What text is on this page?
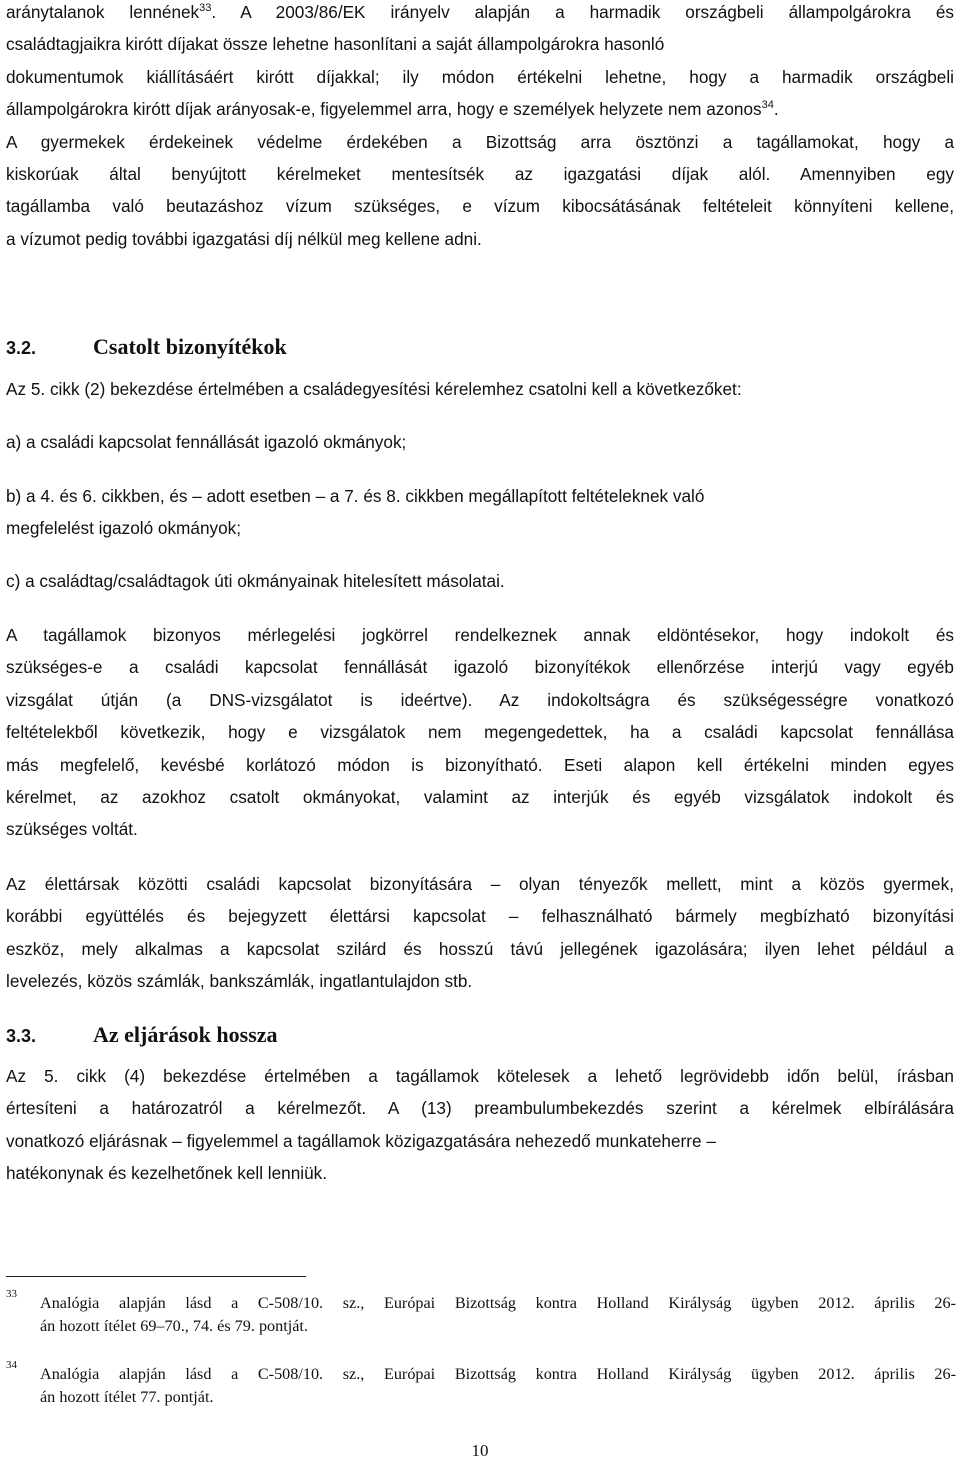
aránytalanok lennének$^{33}$. A 2003/86/EK irányelv alapján a harmadik országbeli állampolgárokra és
családtagjaikra kirótt díjakat össze lehetne hasonlítani a saját állampolgárokra hasonló
dokumentumok kiállításáért kirótt díjakkal; ily módon értékelni lehetne, hogy a harmadik országbeli
állampolgárokra kirótt díjak arányosak-e, figyelemmel arra, hogy e személyek helyzete nem azonos$^{34}$.
A gyermekek érdekeinek védelme érdekében a Bizottság arra ösztönzi a tagállamokat, hogy a
kiskorúak által benyújtott kérelmeket mentesítsék az igazgatási díjak alól. Amennyiben egy
tagállamba való beutazáshoz vízum szükséges, e vízum kibocsátásának feltételeit könnyíteni kellene,
a vízumot pedig további igazgatási díj nélkül meg kellene adni.
3.2.	Csatolt bizonyítékok
Az 5. cikk (2) bekezdése értelmében a családegyesítési kérelemhez csatolni kell a következőket:
a) a családi kapcsolat fennállását igazoló okmányok;
b) a 4. és 6. cikkben, és – adott esetben – a 7. és 8. cikkben megállapított feltételeknek való
megfelelést igazoló okmányok;
c) a családtag/családtagok úti okmányainak hitelesített másolatai.
A tagállamok bizonyos mérlegelési jogkörrel rendelkeznek annak eldöntésekor, hogy indokolt és
szükséges-e a családi kapcsolat fennállását igazoló bizonyítékok ellenőrzése interjú vagy egyéb
vizsgálat útján (a DNS-vizsgálatot is ideértve). Az indokoltságra és szükségességre vonatkozó
feltételekből következik, hogy e vizsgálatok nem megengedettek, ha a családi kapcsolat fennállása
más megfelelő, kevésbé korlátozó módon is bizonyítható. Eseti alapon kell értékelni minden egyes
kérelmet, az azokhoz csatolt okmányokat, valamint az interjúk és egyéb vizsgálatok indokolt és
szükséges voltát.
Az élettársak közötti családi kapcsolat bizonyítására – olyan tényezők mellett, mint a közös gyermek,
korábbi együttélés és bejegyzett élettársi kapcsolat – felhasználható bármely megbízható bizonyítási
eszköz, mely alkalmas a kapcsolat szilárd és hosszú távú jellegének igazolására; ilyen lehet például a
levelezés, közös számlák, bankszámlák, ingatlantulajdon stb.
3.3.	Az eljárások hossza
Az 5. cikk (4) bekezdése értelmében a tagállamok kötelesek a lehető legrövidebb időn belül, írásban
értesíteni a határozatról a kérelmezőt. A (13) preambulumbekezdés szerint a kérelmek elbírálására
vonatkozó eljárásnak – figyelemmel a tagállamok közigazgatására nehezedő munkateherre –
hatékonynak és kezelhetőnek kell lenniük.
33	Analógia alapján lásd a C-508/10. sz., Európai Bizottság kontra Holland Királyság ügyben 2012. április 26-
án hozott ítélet 69–70., 74. és 79. pontját.
34	Analógia alapján lásd a C-508/10. sz., Európai Bizottság kontra Holland Királyság ügyben 2012. április 26-
án hozott ítélet 77. pontját.
10
